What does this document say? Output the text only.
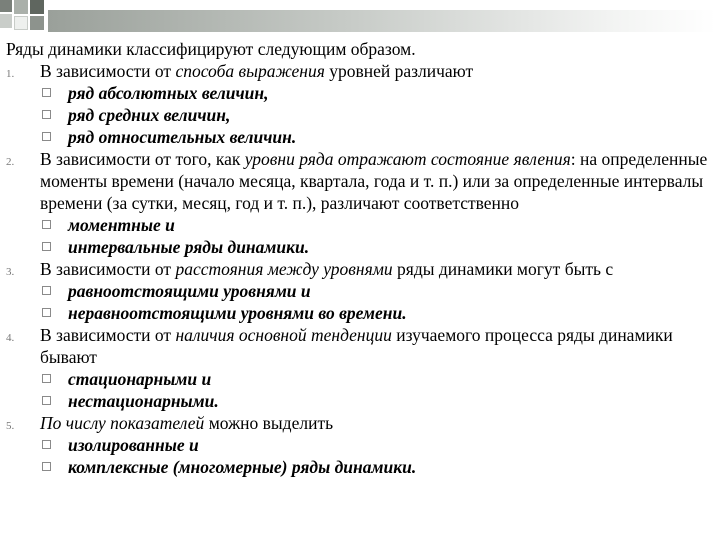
Ряды динамики классифицируют следующим образом.
1. В зависимости от способа выражения уровней различают
ряд абсолютных величин,
ряд средних величин,
ряд относительных величин.
2. В зависимости от того, как уровни ряда отражают состояние явления: на определенные моменты времени (начало месяца, квартала, года и т. п.) или за определенные интервалы времени (за сутки, месяц, год и т. п.), различают соответственно
моментные и
интервальные ряды динамики.
3. В зависимости от расстояния между уровнями ряды динамики могут быть с
равноотстоящими уровнями и
неравноотстоящими уровнями во времени.
4. В зависимости от наличия основной тенденции изучаемого процесса ряды динамики бывают
стационарными и
нестационарными.
5. По числу показателей можно выделить
изолированные и
комплексные (многомерные) ряды динамики.
